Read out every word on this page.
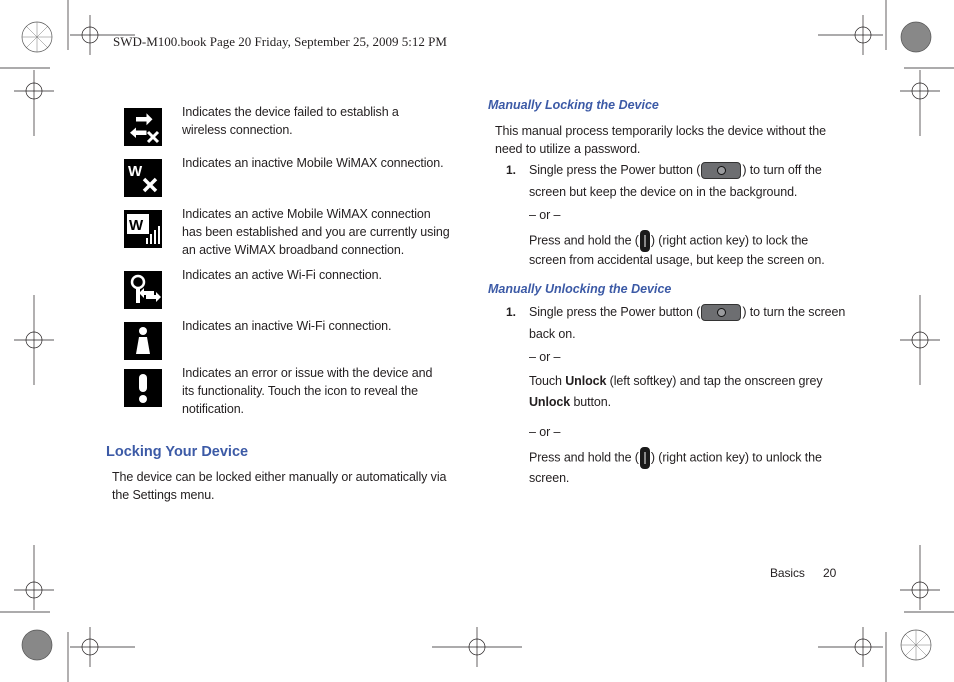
SWD-M100.book Page 20 Friday, September 25, 2009 5:12 PM
Indicates the device failed to establish a wireless connection.
W	Indicates an inactive Mobile WiMAX connection.
W
Indicates an active Mobile WiMAX connection has been established and you are currently using an active WiMAX broadband connection.
Indicates an active Wi-Fi connection.
Indicates an inactive Wi-Fi connection.
Indicates an error or issue with the device and its functionality. Touch the icon to reveal the notification.
Locking Your Device
The device can be locked either manually or automatically via the Settings menu.
Manually Locking the Device
This manual process temporarily locks the device without the need to utilize a password.
1. Single press the Power button (	) to turn off the
screen but keep the device on in the background.
– or –
Press and hold the ( ) (right action key) to lock the
screen from accidental usage, but keep the screen on.
Manually Unlocking the Device
1. Single press the Power button (	) to turn the screen
back on.
– or –
Touch Unlock (left softkey) and tap the onscreen grey
Unlock button.
– or –
Press and hold the ( ) (right action key) to unlock the
screen.
Basics 20
